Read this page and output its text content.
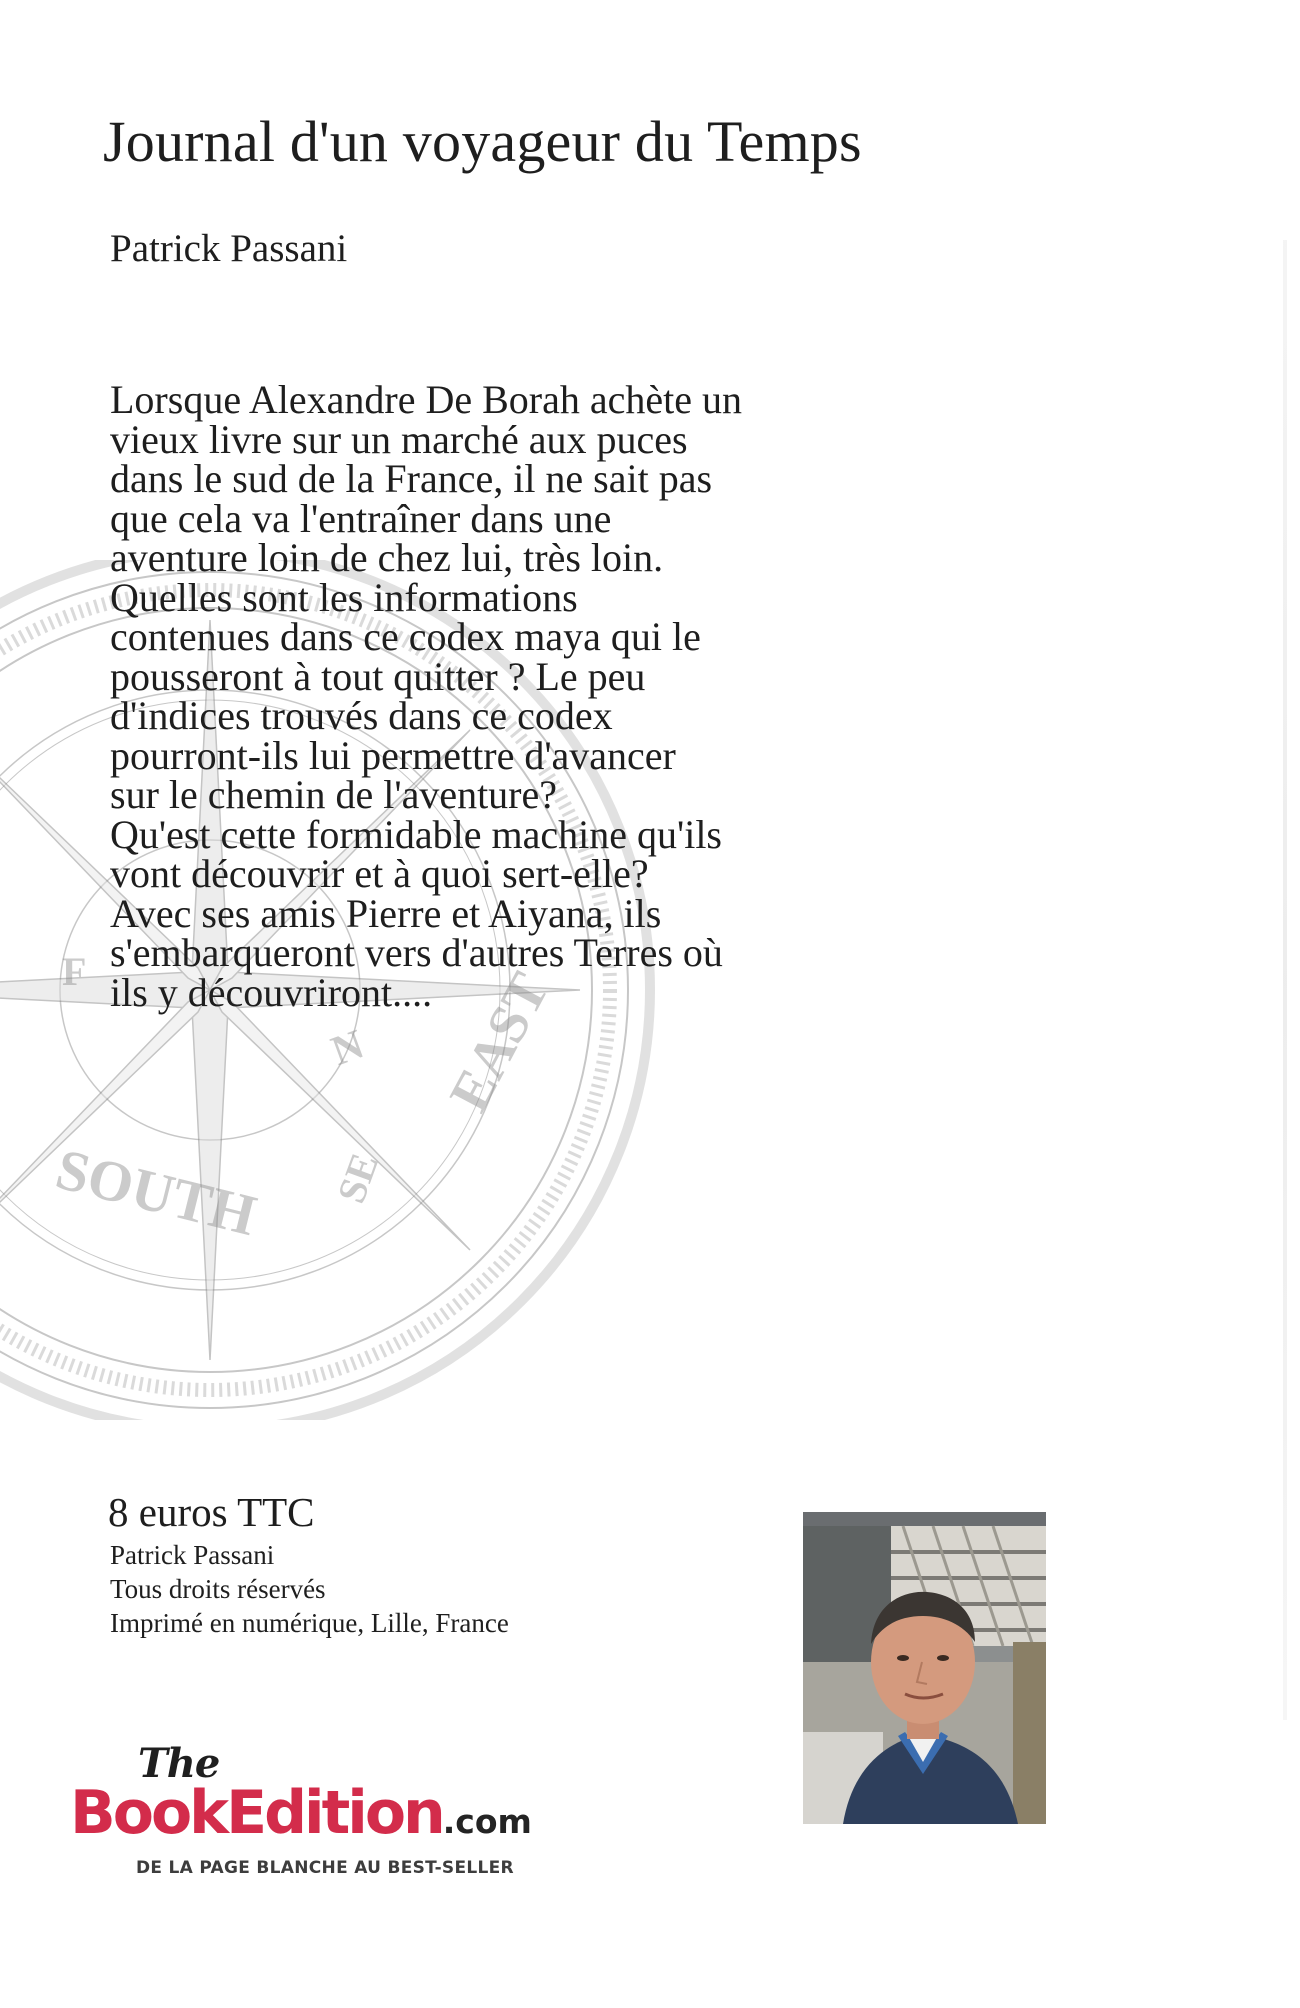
SOUTH
EAST
N
SE
F
Journal d'un voyageur du Temps

Patrick Passani

Lorsque Alexandre De Borah achète un
vieux livre sur un marché aux puces
dans le sud de la France, il ne sait pas
que cela va l'entraîner dans une
aventure loin de chez lui, très loin.
Quelles sont les informations
contenues dans ce codex maya qui le
pousseront à tout quitter ? Le peu
d'indices trouvés dans ce codex
pourront-ils lui permettre d'avancer
sur le chemin de l'aventure?
Qu'est cette formidable machine qu'ils
vont découvrir et à quoi sert-elle?
Avec ses amis Pierre et Aiyana, ils
s'embarqueront vers d'autres Terres où
ils y découvriront....
8 euros TTC
Patrick Passani
Tous droits réservés
Imprimé en numérique, Lille, France
The
BookEdition.com
DE LA PAGE BLANCHE AU BEST-SELLER
